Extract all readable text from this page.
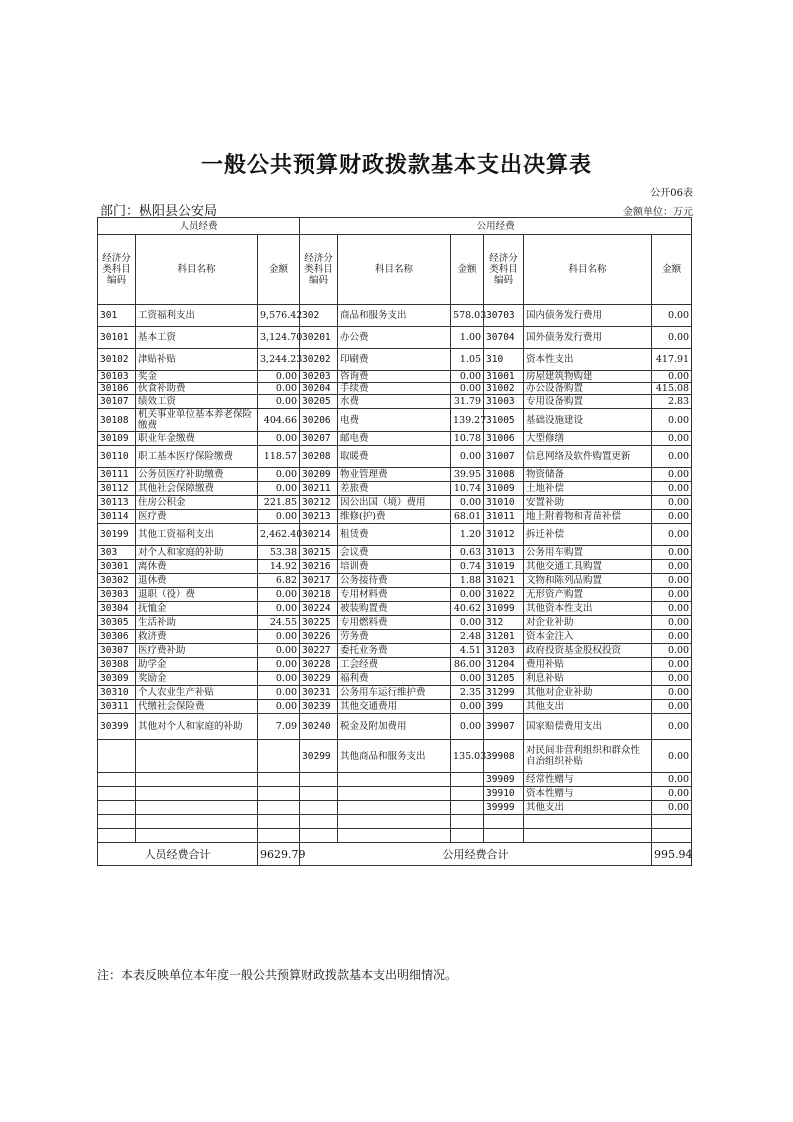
一般公共预算财政拨款基本支出决算表
公开06表
部门：枞阳县公安局	金额单位：万元
人员经费			公用经费					
经济分类科目编码	科目名称	金额	经济分类科目编码	科目名称	金额	经济分类科目编码	科目名称	金额
301	工资福利支出	9,576.42	302	商品和服务支出	578.03	30703	国内债务发行费用	0.00
30101	基本工资	3,124.70	30201	办公费	1.00	30704	国外债务发行费用	0.00
30102	津贴补贴	3,244.23	30202	印刷费	1.05	310	资本性支出	417.91
30103	奖金	0.00	30203	咨询费	0.00	31001	房屋建筑物购建	0.00
30106	伙食补助费	0.00	30204	手续费	0.00	31002	办公设备购置	415.08
30107	绩效工资	0.00	30205	水费	31.79	31003	专用设备购置	2.83
30108	机关事业单位基本养老保险缴费	404.66	30206	电费	139.27	31005	基础设施建设	0.00
30109	职业年金缴费	0.00	30207	邮电费	10.78	31006	大型修缮	0.00
30110	职工基本医疗保险缴费	118.57	30208	取暖费	0.00	31007	信息网络及软件购置更新	0.00
30111	公务员医疗补助缴费	0.00	30209	物业管理费	39.95	31008	物资储备	0.00
30112	其他社会保障缴费	0.00	30211	差旅费	10.74	31009	土地补偿	0.00
30113	住房公积金	221.85	30212	因公出国（境）费用	0.00	31010	安置补助	0.00
30114	医疗费	0.00	30213	维修(护)费	68.01	31011	地上附着物和青苗补偿	0.00
30199	其他工资福利支出	2,462.40	30214	租赁费	1.20	31012	拆迁补偿	0.00
303	对个人和家庭的补助	53.38	30215	会议费	0.63	31013	公务用车购置	0.00
30301	离休费	14.92	30216	培训费	0.74	31019	其他交通工具购置	0.00
30302	退休费	6.82	30217	公务接待费	1.88	31021	文物和陈列品购置	0.00
30303	退职（役）费	0.00	30218	专用材料费	0.00	31022	无形资产购置	0.00
30304	抚恤金	0.00	30224	被装购置费	40.62	31099	其他资本性支出	0.00
30305	生活补助	24.55	30225	专用燃料费	0.00	312	对企业补助	0.00
30306	救济费	0.00	30226	劳务费	2.48	31201	资本金注入	0.00
30307	医疗费补助	0.00	30227	委托业务费	4.51	31203	政府投资基金股权投资	0.00
30308	助学金	0.00	30228	工会经费	86.00	31204	费用补贴	0.00
30309	奖励金	0.00	30229	福利费	0.00	31205	利息补贴	0.00
30310	个人农业生产补贴	0.00	30231	公务用车运行维护费	2.35	31299	其他对企业补助	0.00
30311	代缴社会保险费	0.00	30239	其他交通费用	0.00	399	其他支出	0.00
30399	其他对个人和家庭的补助	7.09	30240	税金及附加费用	0.00	39907	国家赔偿费用支出	0.00
			30299	其他商品和服务支出	135.03	39908	对民间非营利组织和群众性自治组织补贴	0.00
						39909	经常性赠与	0.00
						39910	资本性赠与	0.00
						39999	其他支出	0.00

人员经费合计		9629.79	公用经费合计					995.94
注：本表反映单位本年度一般公共预算财政拨款基本支出明细情况。
